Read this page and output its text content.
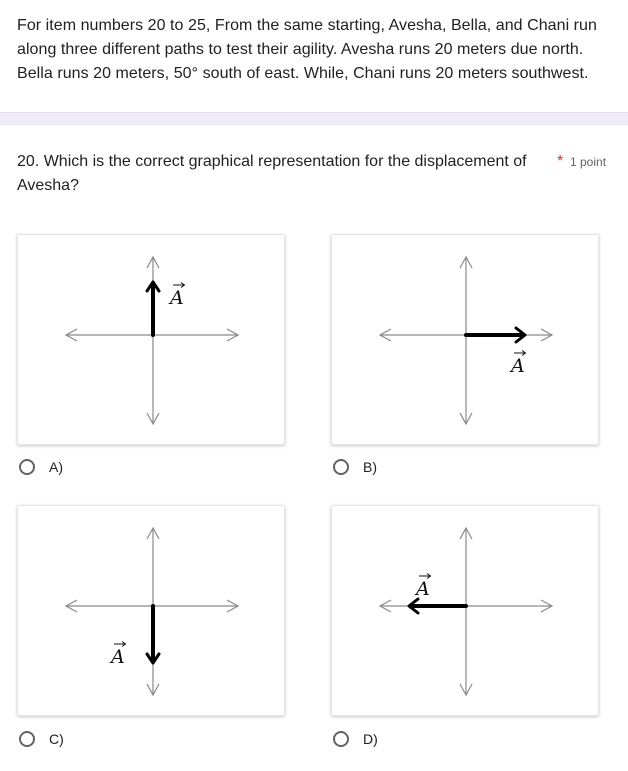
For item numbers 20 to 25, From the same starting, Avesha, Bella, and Chani run along three different paths to test their agility. Avesha runs 20 meters due north. Bella runs 20 meters, 50° south of east. While, Chani runs 20 meters southwest.
20. Which is the correct graphical representation for the displacement of Avesha?
* 1 point
A
A
A
A
A)	B)
C)	D)
